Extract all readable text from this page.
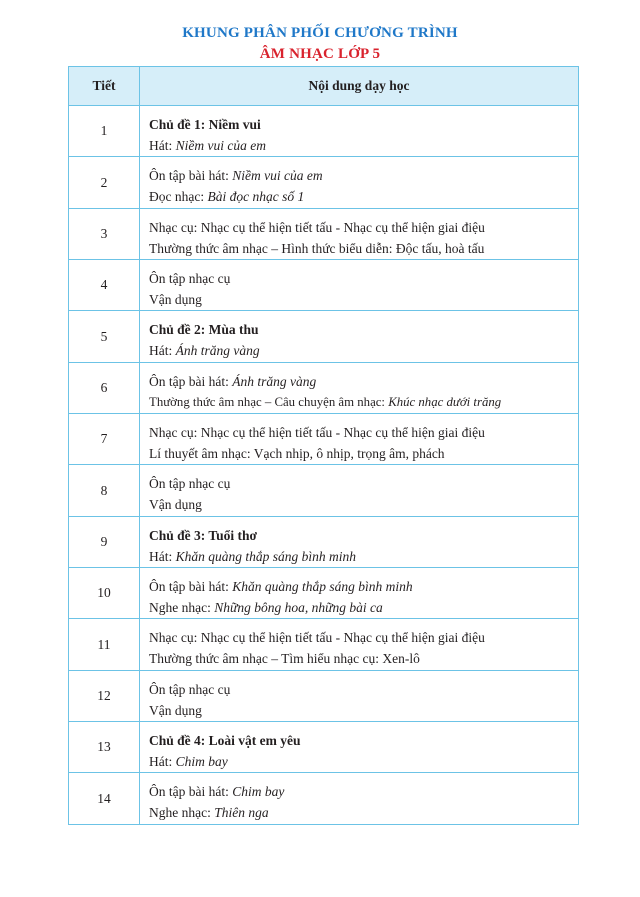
KHUNG PHÂN PHỐI CHƯƠNG TRÌNH
ÂM NHẠC LỚP 5
Tiết	Nội dung dạy học
1	Chủ đề 1: Niềm vui
Hát: Niềm vui của em

2	Ôn tập bài hát: Niềm vui của em
Đọc nhạc: Bài đọc nhạc số 1

3	Nhạc cụ: Nhạc cụ thể hiện tiết tấu - Nhạc cụ thể hiện giai điệu
Thường thức âm nhạc – Hình thức biểu diễn: Độc tấu, hoà tấu

4	Ôn tập nhạc cụ
Vận dụng

5	Chủ đề 2: Mùa thu
Hát: Ánh trăng vàng

6	Ôn tập bài hát: Ánh trăng vàng
Thường thức âm nhạc – Câu chuyện âm nhạc: Khúc nhạc dưới trăng

7	Nhạc cụ: Nhạc cụ thể hiện tiết tấu - Nhạc cụ thể hiện giai điệu
Lí thuyết âm nhạc: Vạch nhịp, ô nhịp, trọng âm, phách

8	Ôn tập nhạc cụ
Vận dụng

9	Chủ đề 3: Tuổi thơ
Hát: Khăn quàng thắp sáng bình minh

10	Ôn tập bài hát: Khăn quàng thắp sáng bình minh
Nghe nhạc: Những bông hoa, những bài ca

11	Nhạc cụ: Nhạc cụ thể hiện tiết tấu - Nhạc cụ thể hiện giai điệu
Thường thức âm nhạc – Tìm hiểu nhạc cụ: Xen-lô

12	Ôn tập nhạc cụ
Vận dụng

13	Chủ đề 4: Loài vật em yêu
Hát: Chim bay

14	Ôn tập bài hát: Chim bay
Nghe nhạc: Thiên nga
